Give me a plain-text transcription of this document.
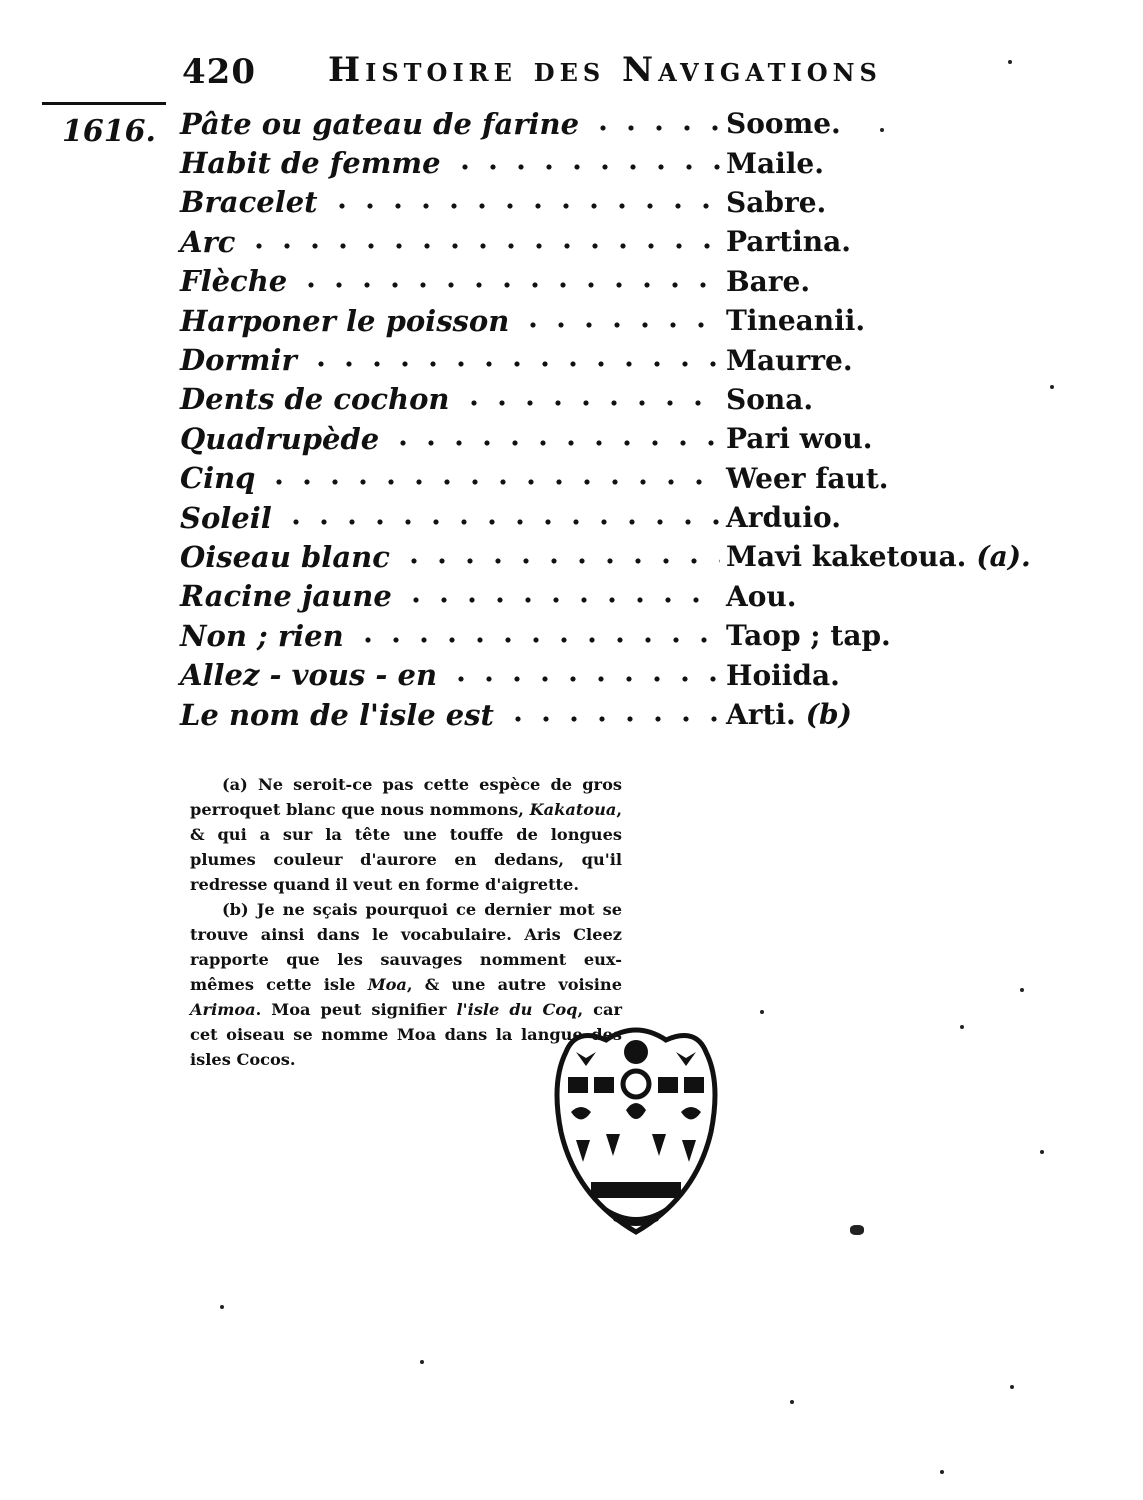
420 Histoire des Navigations
1616. Pâte ou gateau de farine	Soome.
Habit de femme	Maile.
Bracelet	Sabre.
Arc	Partina.
Flèche	Bare.
Harponer le poisson	Tineanii.
Dormir	Maurre.
Dents de cochon	Sona.
Quadrupède	Pari wou.
Cinq	Weer faut.
Soleil	Arduio.
Oiseau blanc	Mavi kaketoua. (a).
Racine jaune	Aou.
Non ; rien	Taop ; tap.
Allez - vous - en	Hoiida.
Le nom de l'isle est	Arti. (b)

(a) Ne seroit-ce pas cette espèce de gros perroquet blanc que nous nommons, Kakatoua, & qui a sur la tête une touffe de longues plumes couleur d'aurore en dedans, qu'il redresse quand il veut en forme d'aigrette.

(b) Je ne sçais pourquoi ce dernier mot se trouve ainsi dans le vocabulaire. Aris Cleez rapporte que les sauvages nomment eux-mêmes cette isle Moa, & une autre voisine Arimoa. Moa peut signifier l'isle du Coq, car cet oiseau se nomme Moa dans la langue des isles Cocos.
